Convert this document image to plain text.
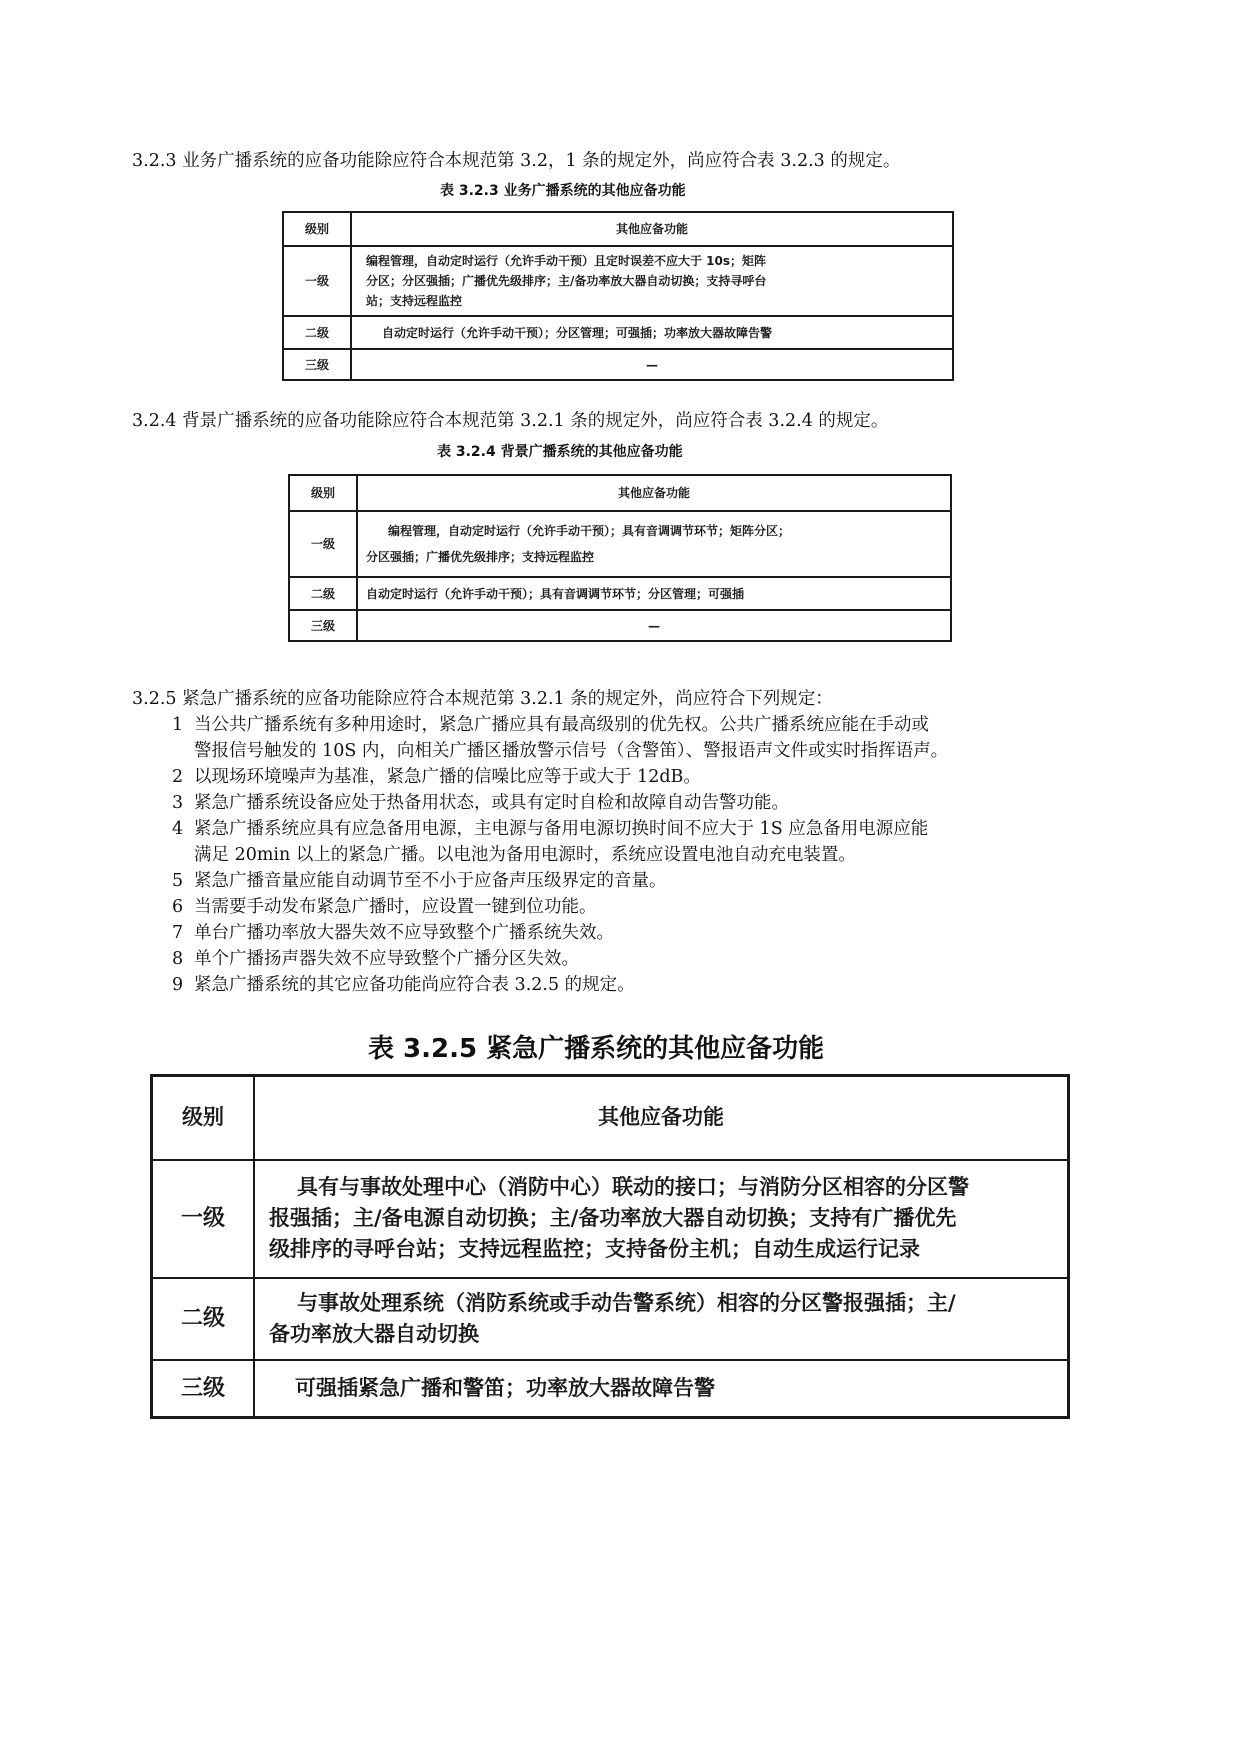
3.2.3 业务广播系统的应备功能除应符合本规范第 3.2，1 条的规定外，尚应符合表 3.2.3 的规定。
表 3.2.3 业务广播系统的其他应备功能
级别	其他应备功能
一级	编程管理，自动定时运行（允许手动干预）且定时误差不应大于 10s；矩阵
分区；分区强插；广播优先级排序；主/备功率放大器自动切换；支持寻呼台
站；支持远程监控

二级	自动定时运行（允许手动干预）；分区管理；可强插；功率放大器故障告警

三级	—
3.2.4 背景广播系统的应备功能除应符合本规范第 3.2.1 条的规定外，尚应符合表 3.2.4 的规定。
表 3.2.4 背景广播系统的其他应备功能
级别	其他应备功能
一级	编程管理，自动定时运行（允许手动干预）；具有音调调节环节；矩阵分区；
分区强插；广播优先级排序；支持远程监控

二级	自动定时运行（允许手动干预）；具有音调调节环节；分区管理；可强插

三级	—
3.2.5 紧急广播系统的应备功能除应符合本规范第 3.2.1 条的规定外，尚应符合下列规定：
1 当公共广播系统有多种用途时，紧急广播应具有最高级别的优先权。公共广播系统应能在手动或
警报信号触发的 10S 内，向相关广播区播放警示信号（含警笛）、警报语声文件或实时指挥语声。
2 以现场环境噪声为基准，紧急广播的信噪比应等于或大于 12dB。
3 紧急广播系统设备应处于热备用状态，或具有定时自检和故障自动告警功能。
4 紧急广播系统应具有应急备用电源，主电源与备用电源切换时间不应大于 1S 应急备用电源应能
满足 20min 以上的紧急广播。以电池为备用电源时，系统应设置电池自动充电装置。
5 紧急广播音量应能自动调节至不小于应备声压级界定的音量。
6 当需要手动发布紧急广播时，应设置一键到位功能。
7 单台广播功率放大器失效不应导致整个广播系统失效。
8 单个广播扬声器失效不应导致整个广播分区失效。
9 紧急广播系统的其它应备功能尚应符合表 3.2.5 的规定。
表 3.2.5 紧急广播系统的其他应备功能
级别	其他应备功能
一级	具有与事故处理中心（消防中心）联动的接口；与消防分区相容的分区警
报强插；主/备电源自动切换；主/备功率放大器自动切换；支持有广播优先
级排序的寻呼台站；支持远程监控；支持备份主机；自动生成运行记录

二级	与事故处理系统（消防系统或手动告警系统）相容的分区警报强插；主/
备功率放大器自动切换

三级	可强插紧急广播和警笛；功率放大器故障告警
